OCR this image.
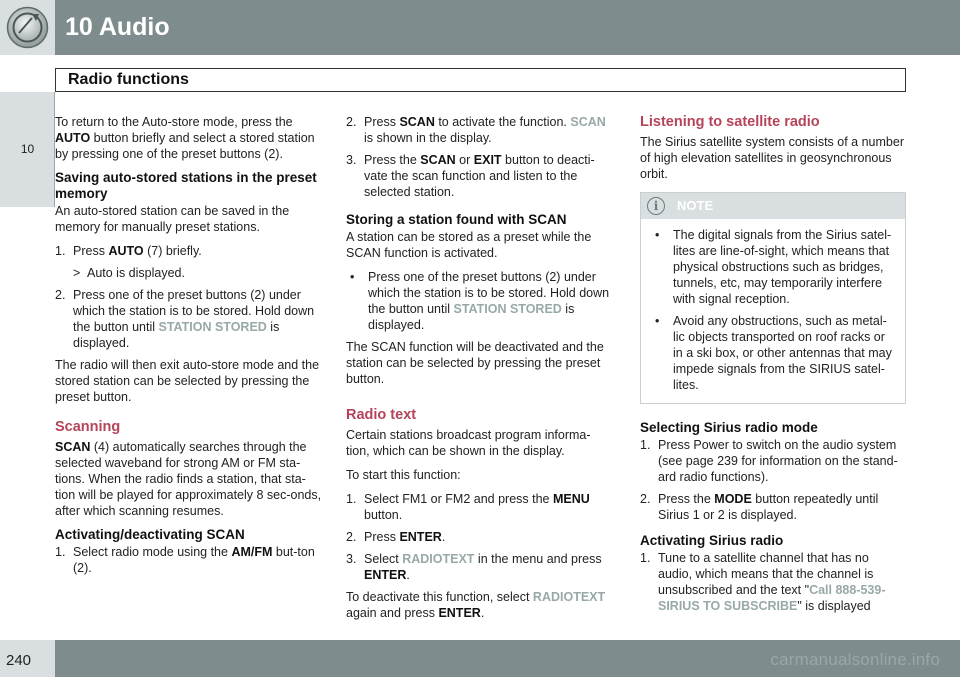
10 Audio
Radio functions
10

To return to the Auto-store mode, press the AUTO button briefly and select a stored station by pressing one of the preset buttons (2).

Saving auto-stored stations in the preset memory

An auto-stored station can be saved in the memory for manually preset stations.

1. Press AUTO (7) briefly.
> Auto is displayed.
2. Press one of the preset buttons (2) under which the station is to be stored. Hold down the button until STATION STORED is displayed.

The radio will then exit auto-store mode and the stored station can be selected by pressing the preset button.

Scanning

SCAN (4) automatically searches through the selected waveband for strong AM or FM sta-tions. When the radio finds a station, that sta-tion will be played for approximately 8 sec-onds, after which scanning resumes.

Activating/deactivating SCAN
1. Select radio mode using the AM/FM but-ton (2).
2. Press SCAN to activate the function. SCAN is shown in the display.
3. Press the SCAN or EXIT button to deacti-vate the scan function and listen to the selected station.
Storing a station found with SCAN

A station can be stored as a preset while the SCAN function is activated.

• Press one of the preset buttons (2) under which the station is to be stored. Hold down the button until STATION STORED is displayed.

The SCAN function will be deactivated and the station can be selected by pressing the preset button.

Radio text

Certain stations broadcast program informa-tion, which can be shown in the display.

To start this function:

1. Select FM1 or FM2 and press the MENU button.
2. Press ENTER.
3. Select RADIOTEXT in the menu and press ENTER.

To deactivate this function, select RADIOTEXT again and press ENTER.

Listening to satellite radio

The Sirius satellite system consists of a number of high elevation satellites in geosynchronous orbit.

i	NOTE
• The digital signals from the Sirius satel-lites are line-of-sight, which means that physical obstructions such as bridges, tunnels, etc, may temporarily interfere with signal reception.
• Avoid any obstructions, such as metal-lic objects transported on roof racks or in a ski box, or other antennas that may impede signals from the SIRIUS satel-lites.
Selecting Sirius radio mode
1. Press Power to switch on the audio system (see page 239 for information on the stand-ard radio functions).
2. Press the MODE button repeatedly until Sirius 1 or 2 is displayed.
Activating Sirius radio
1. Tune to a satellite channel that has no audio, which means that the channel is unsubscribed and the text "Call 888-539-SIRIUS TO SUBSCRIBE" is displayed
240	carmanualsonline.info
